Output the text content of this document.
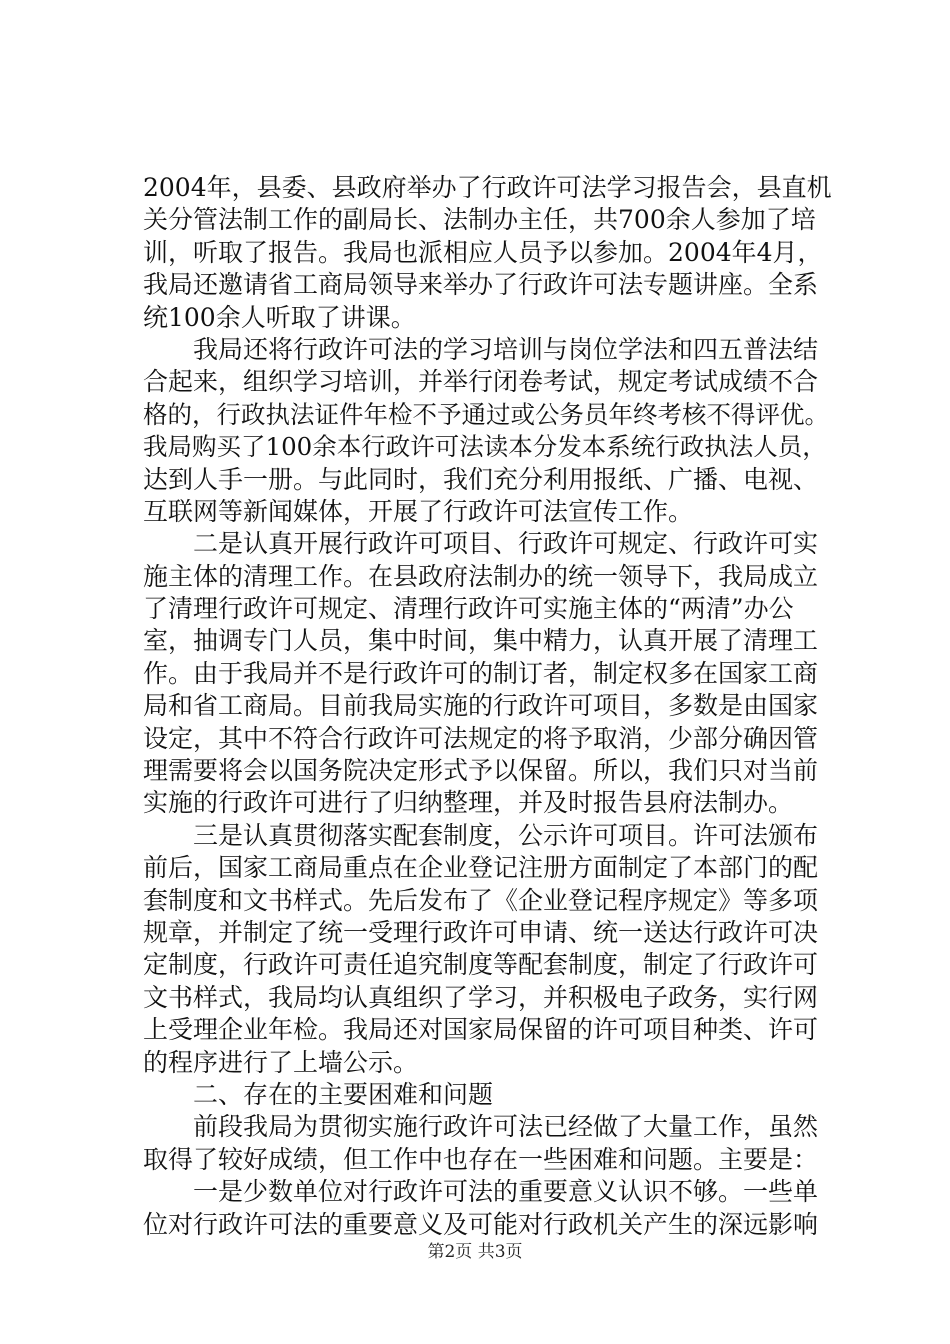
2004年，县委、县政府举办了行政许可法学习报告会，县直机
关分管法制工作的副局长、法制办主任，共700余人参加了培
训，听取了报告。我局也派相应人员予以参加。2004年4月，
我局还邀请省工商局领导来举办了行政许可法专题讲座。全系
统100余人听取了讲课。
　　我局还将行政许可法的学习培训与岗位学法和四五普法结
合起来，组织学习培训，并举行闭卷考试，规定考试成绩不合
格的，行政执法证件年检不予通过或公务员年终考核不得评优。
我局购买了100余本行政许可法读本分发本系统行政执法人员，
达到人手一册。与此同时，我们充分利用报纸、广播、电视、
互联网等新闻媒体，开展了行政许可法宣传工作。
　　二是认真开展行政许可项目、行政许可规定、行政许可实
施主体的清理工作。在县政府法制办的统一领导下，我局成立
了清理行政许可规定、清理行政许可实施主体的“两清”办公
室，抽调专门人员，集中时间，集中精力，认真开展了清理工
作。由于我局并不是行政许可的制订者，制定权多在国家工商
局和省工商局。目前我局实施的行政许可项目，多数是由国家
设定，其中不符合行政许可法规定的将予取消，少部分确因管
理需要将会以国务院决定形式予以保留。所以，我们只对当前
实施的行政许可进行了归纳整理，并及时报告县府法制办。
　　三是认真贯彻落实配套制度，公示许可项目。许可法颁布
前后，国家工商局重点在企业登记注册方面制定了本部门的配
套制度和文书样式。先后发布了《企业登记程序规定》等多项
规章，并制定了统一受理行政许可申请、统一送达行政许可决
定制度，行政许可责任追究制度等配套制度，制定了行政许可
文书样式，我局均认真组织了学习，并积极电子政务，实行网
上受理企业年检。我局还对国家局保留的许可项目种类、许可
的程序进行了上墙公示。
　　二、存在的主要困难和问题
　　前段我局为贯彻实施行政许可法已经做了大量工作，虽然
取得了较好成绩，但工作中也存在一些困难和问题。主要是：
　　一是少数单位对行政许可法的重要意义认识不够。一些单
位对行政许可法的重要意义及可能对行政机关产生的深远影响
第2页 共3页
